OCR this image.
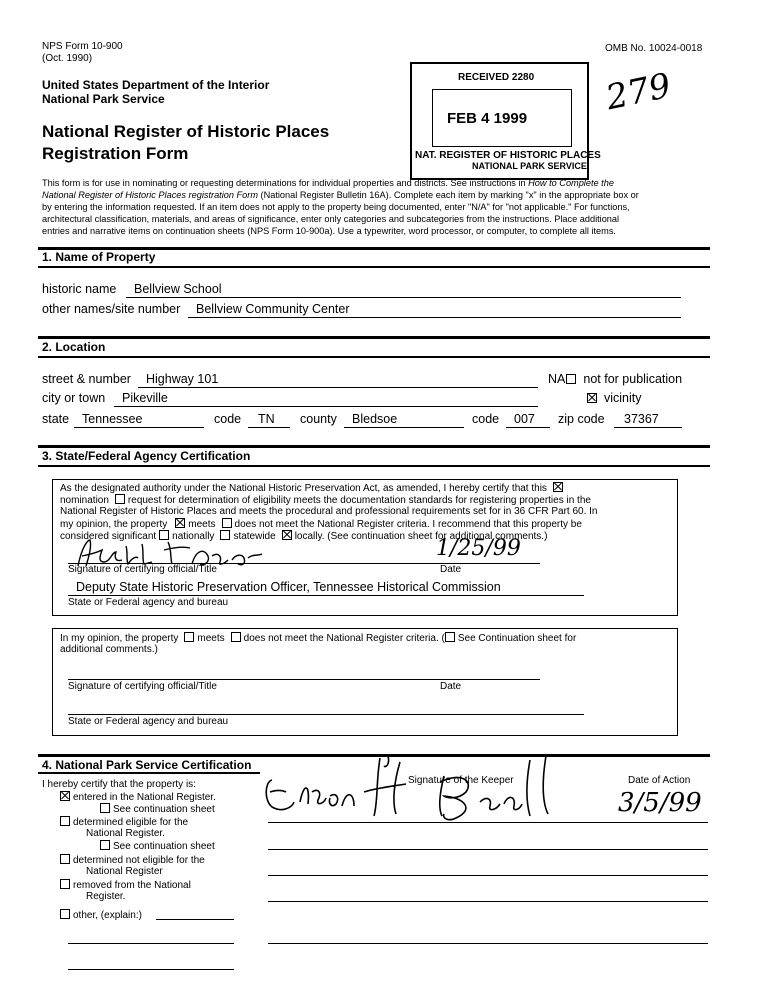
NPS Form 10-900
(Oct. 1990)
OMB No. 10024-0018
United States Department of the Interior
National Park Service
National Register of Historic Places
Registration Form
RECEIVED 2280
FEB 4 1999
NAT. REGISTER OF HISTORIC PLACES
NATIONAL PARK SERVICE
279
This form is for use in nominating or requesting determinations for individual properties and districts. See instructions in How to Complete the
National Register of Historic Places registration Form (National Register Bulletin 16A). Complete each item by marking "x" in the appropriate box or
by entering the information requested. If an item does not apply to the property being documented, enter "N/A" for "not applicable." For functions,
architectural classification, materials, and areas of significance, enter only categories and subcategories from the instructions. Place additional
entries and narrative items on continuation sheets (NPS Form 10-900a). Use a typewriter, word processor, or computer, to complete all items.
1. Name of Property
historic name Bellview School
other names/site number Bellview Community Center
2. Location
street & number Highway 101	NA not for publication
city or town Pikeville	vicinity
state Tennessee	code TN county Bledsoe	code 007 zip code 37367
3. State/Federal Agency Certification
As the designated authority under the National Historic Preservation Act, as amended, I hereby certify that this
nomination request for determination of eligibility meets the documentation standards for registering properties in the
National Register of Historic Places and meets the procedural and professional requirements set for in 36 CFR Part 60. In
my opinion, the property meets does not meet the National Register criteria. I recommend that this property be
considered significant nationally statewide locally. (See continuation sheet for additional comments.)
1/25/99
Signature of certifying official/Title	Date
Deputy State Historic Preservation Officer, Tennessee Historical Commission
State or Federal agency and bureau
In my opinion, the property meets does not meet the National Register criteria. ( See Continuation sheet for
additional comments.)
Signature of certifying official/Title	Date
State or Federal agency and bureau
4. National Park Service Certification
I hereby certify that the property is:	Signature of the Keeper	Date of Action
3/5/99
entered in the National Register.
See continuation sheet
determined eligible for the
National Register.
See continuation sheet
determined not eligible for the
National Register
removed from the National
Register.
other, (explain:)
